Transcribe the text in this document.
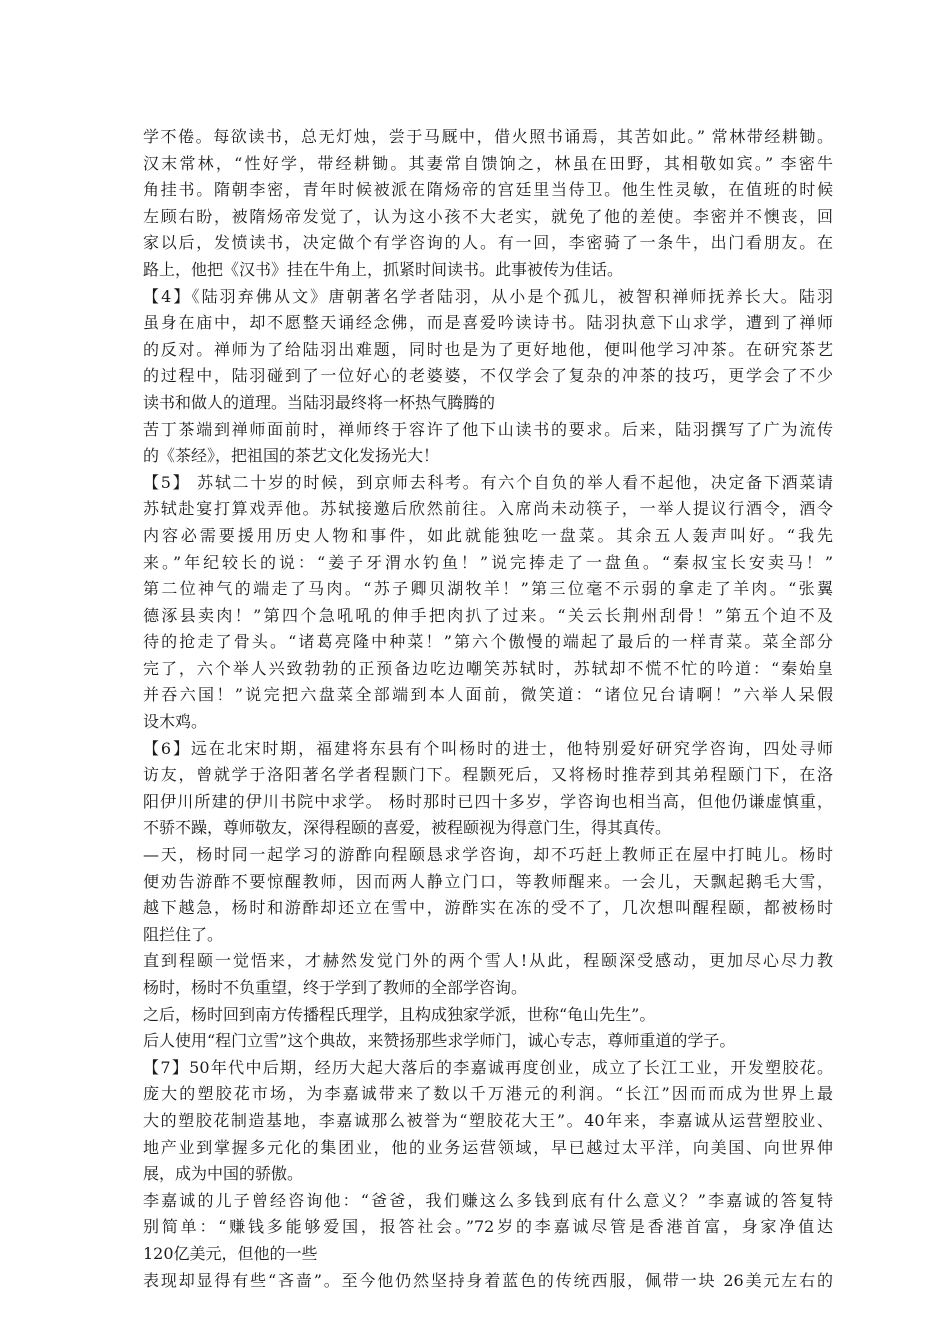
学不倦。每欲读书，总无灯烛，尝于马厩中，借火照书诵焉，其苦如此。” 常林带经耕锄。
汉末常林，“性好学，带经耕锄。其妻常自馈饷之，林虽在田野，其相敬如宾。” 李密牛
角挂书。隋朝李密，青年时候被派在隋炀帝的宫廷里当侍卫。他生性灵敏，在值班的时候
左顾右盼，被隋炀帝发觉了，认为这小孩不大老实，就免了他的差使。李密并不懊丧，回
家以后，发愤读书，决定做个有学咨询的人。有一回，李密骑了一条牛，出门看朋友。在
路上，他把《汉书》挂在牛角上，抓紧时间读书。此事被传为佳话。
【4】《陆羽弃佛从文》唐朝著名学者陆羽，从小是个孤儿，被智积禅师抚养长大。陆羽
虽身在庙中，却不愿整天诵经念佛，而是喜爱吟读诗书。陆羽执意下山求学，遭到了禅师
的反对。禅师为了给陆羽出难题，同时也是为了更好地他，便叫他学习冲茶。在研究茶艺
的过程中，陆羽碰到了一位好心的老婆婆，不仅学会了复杂的冲茶的技巧，更学会了不少
读书和做人的道理。当陆羽最终将一杯热气腾腾的
苦丁茶端到禅师面前时，禅师终于容许了他下山读书的要求。后来，陆羽撰写了广为流传
的《茶经》，把祖国的茶艺文化发扬光大！
【5】 苏轼二十岁的时候，到京师去科考。有六个自负的举人看不起他，决定备下酒菜请
苏轼赴宴打算戏弄他。苏轼接邀后欣然前往。入席尚未动筷子，一举人提议行酒令，酒令
内容必需要援用历史人物和事件，如此就能独吃一盘菜。其余五人轰声叫好。“我先
来。”年纪较长的说：“姜子牙渭水钓鱼！”说完捧走了一盘鱼。“秦叔宝长安卖马！”
第二位神气的端走了马肉。“苏子卿贝湖牧羊！”第三位毫不示弱的拿走了羊肉。“张翼
德涿县卖肉！”第四个急吼吼的伸手把肉扒了过来。“关云长荆州刮骨！”第五个迫不及
待的抢走了骨头。“诸葛亮隆中种菜！”第六个傲慢的端起了最后的一样青菜。菜全部分
完了，六个举人兴致勃勃的正预备边吃边嘲笑苏轼时，苏轼却不慌不忙的吟道：“秦始皇
并吞六国！”说完把六盘菜全部端到本人面前，微笑道：“诸位兄台请啊！”六举人呆假
设木鸡。
【6】远在北宋时期，福建将东县有个叫杨时的进士，他特别爱好研究学咨询，四处寻师
访友，曾就学于洛阳著名学者程颢门下。程颢死后，又将杨时推荐到其弟程颐门下，在洛
阳伊川所建的伊川书院中求学。 杨时那时已四十多岁，学咨询也相当高，但他仍谦虚慎重，
不骄不躁，尊师敬友，深得程颐的喜爱，被程颐视为得意门生，得其真传。
—天，杨时同一起学习的游酢向程颐恳求学咨询，却不巧赶上教师正在屋中打盹儿。杨时
便劝告游酢不要惊醒教师，因而两人静立门口，等教师醒来。一会儿，天飘起鹅毛大雪，
越下越急，杨时和游酢却还立在雪中，游酢实在冻的受不了，几次想叫醒程颐，都被杨时
阻拦住了。
直到程颐一觉悟来，才赫然发觉门外的两个雪人!从此，程颐深受感动，更加尽心尽力教
杨时，杨时不负重望，终于学到了教师的全部学咨询。
之后，杨时回到南方传播程氏理学，且构成独家学派，世称“龟山先生”。
后人使用“程门立雪”这个典故，来赞扬那些求学师门，诚心专志，尊师重道的学子。
【7】50年代中后期，经历大起大落后的李嘉诚再度创业，成立了长江工业，开发塑胶花。
庞大的塑胶花市场，为李嘉诚带来了数以千万港元的利润。“长江”因而而成为世界上最
大的塑胶花制造基地，李嘉诚那么被誉为“塑胶花大王”。40年来，李嘉诚从运营塑胶业、
地产业到掌握多元化的集团业，他的业务运营领域，早已越过太平洋，向美国、向世界伸
展，成为中国的骄傲。
李嘉诚的儿子曾经咨询他：“爸爸，我们赚这么多钱到底有什么意义？”李嘉诚的答复特
别简单：“赚钱多能够爱国，报答社会。”72岁的李嘉诚尽管是香港首富，身家净值达
120亿美元，但他的一些
表现却显得有些“吝啬”。至今他仍然坚持身着蓝色的传统西服，佩带一块 26美元左右的
